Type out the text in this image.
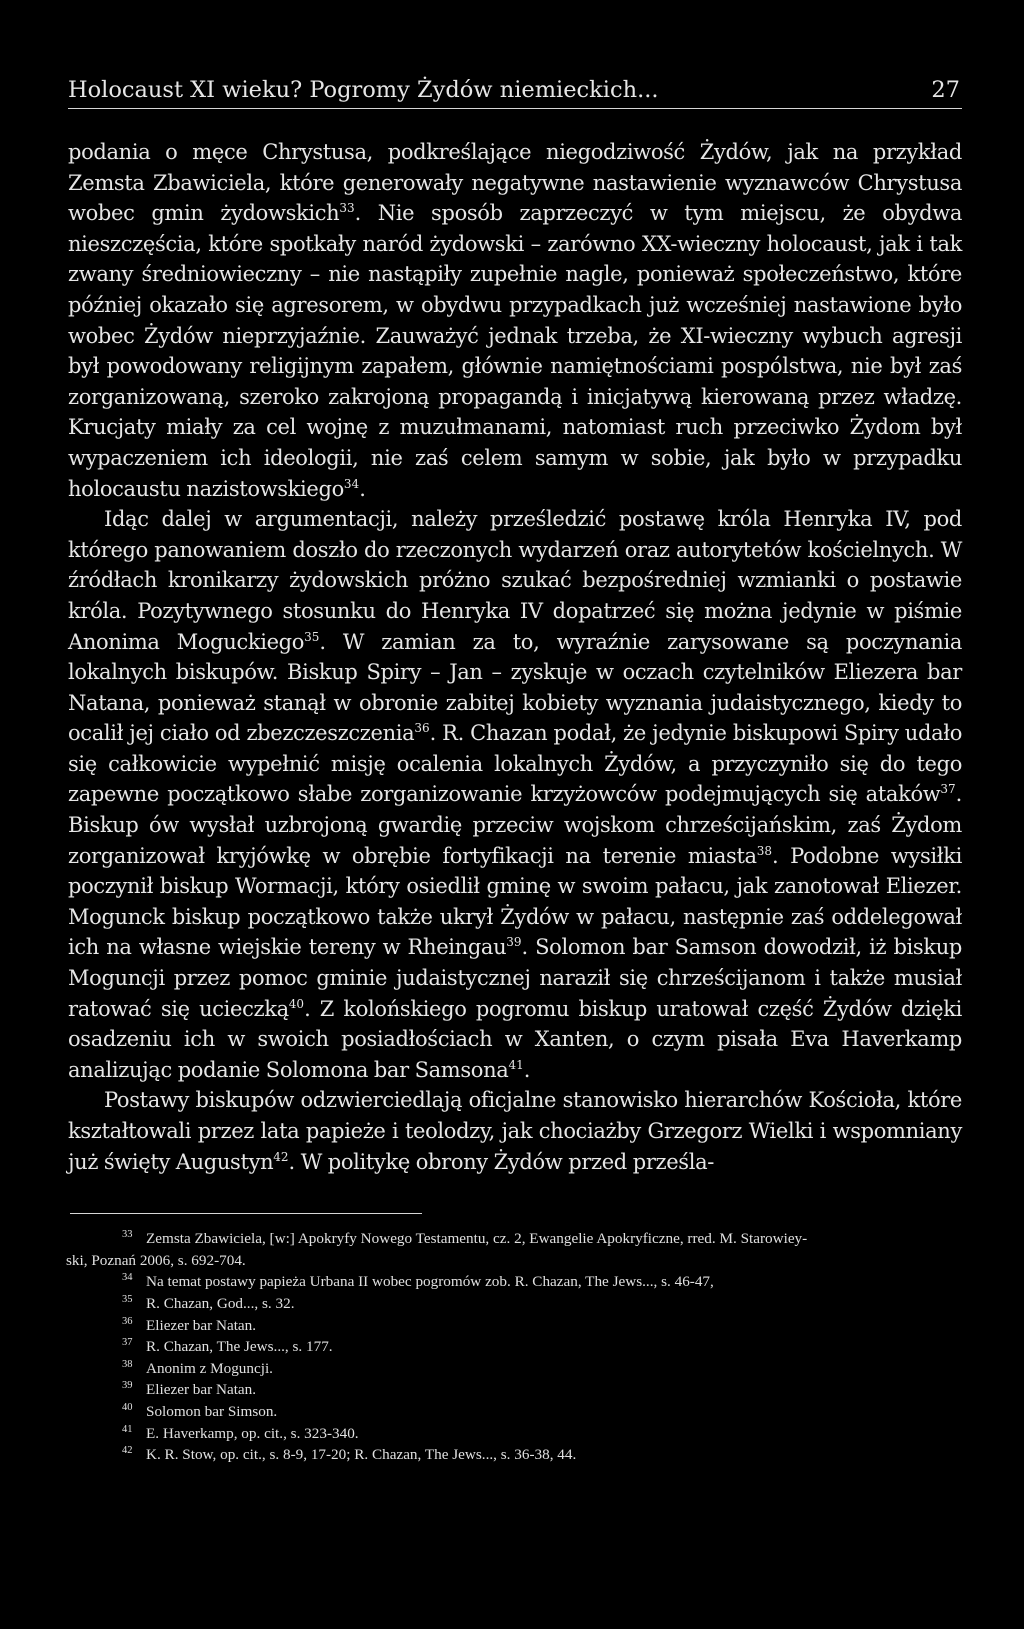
Holocaust XI wieku? Pogromy Żydów niemieckich...	27

podania o męce Chrystusa, podkreślające niegodziwość Żydów, jak na przykład Zemsta Zbawiciela, które generowały negatywne nastawienie wyznawców Chrystusa wobec gmin żydowskich$^{33}$. Nie sposób zaprzeczyć w tym miejscu, że obydwa nieszczęścia, które spotkały naród żydowski – zarówno XX-wieczny holocaust, jak i tak zwany średniowieczny – nie nastąpiły zupełnie nagle, ponieważ społeczeństwo, które później okazało się agresorem, w obydwu przypadkach już wcześniej nastawione było wobec Żydów nieprzyjaźnie. Zauważyć jednak trzeba, że XI-wieczny wybuch agresji był powodowany religijnym zapałem, głównie namiętnościami pospólstwa, nie był zaś zorganizowaną, szeroko zakrojoną propagandą i inicjatywą kierowaną przez władzę. Krucjaty miały za cel wojnę z muzułmanami, natomiast ruch przeciwko Żydom był wypaczeniem ich ideologii, nie zaś celem samym w sobie, jak było w przypadku holocaustu nazistowskiego$^{34}$.

Idąc dalej w argumentacji, należy prześledzić postawę króla Henryka IV, pod którego panowaniem doszło do rzeczonych wydarzeń oraz autorytetów kościelnych. W źródłach kronikarzy żydowskich próżno szukać bezpośredniej wzmianki o postawie króla. Pozytywnego stosunku do Henryka IV dopatrzeć się można jedynie w piśmie Anonima Moguckiego$^{35}$. W zamian za to, wyraźnie zarysowane są poczynania lokalnych biskupów. Biskup Spiry – Jan – zyskuje w oczach czytelników Eliezera bar Natana, ponieważ stanął w obronie zabitej kobiety wyznania judaistycznego, kiedy to ocalił jej ciało od zbezczeszczenia$^{36}$. R. Chazan podał, że jedynie biskupowi Spiry udało się całkowicie wypełnić misję ocalenia lokalnych Żydów, a przyczyniło się do tego zapewne początkowo słabe zorganizowanie krzyżowców podejmujących się ataków$^{37}$. Biskup ów wysłał uzbrojoną gwardię przeciw wojskom chrześcijańskim, zaś Żydom zorganizował kryjówkę w obrębie fortyfikacji na terenie miasta$^{38}$. Podobne wysiłki poczynił biskup Wormacji, który osiedlił gminę w swoim pałacu, jak zanotował Eliezer. Mogunck biskup początkowo także ukrył Żydów w pałacu, następnie zaś oddelegował ich na własne wiejskie tereny w Rheingau$^{39}$. Solomon bar Samson dowodził, iż biskup Moguncji przez pomoc gminie judaistycznej naraził się chrześcijanom i także musiał ratować się ucieczką$^{40}$. Z kolońskiego pogromu biskup uratował część Żydów dzięki osadzeniu ich w swoich posiadłościach w Xanten, o czym pisała Eva Haverkamp analizując podanie Solomona bar Samsona$^{41}$.

Postawy biskupów odzwierciedlają oficjalne stanowisko hierarchów Kościoła, które kształtowali przez lata papieże i teolodzy, jak chociażby Grzegorz Wielki i wspomniany już święty Augustyn$^{42}$. W politykę obrony Żydów przed prześla-

33 Zemsta Zbawiciela, [w:] Apokryfy Nowego Testamentu, cz. 2, Ewangelie Apokryficzne, rred. M. Starowiey-
ski, Poznań 2006, s. 692-704.
34 Na temat postawy papieża Urbana II wobec pogromów zob. R. Chazan, The Jews..., s. 46-47,
35 R. Chazan, God..., s. 32.
36 Eliezer bar Natan.
37 R. Chazan, The Jews..., s. 177.
38 Anonim z Moguncji.
39 Eliezer bar Natan.
40 Solomon bar Simson.
41 E. Haverkamp, op. cit., s. 323-340.
42 K. R. Stow, op. cit., s. 8-9, 17-20; R. Chazan, The Jews..., s. 36-38, 44.
